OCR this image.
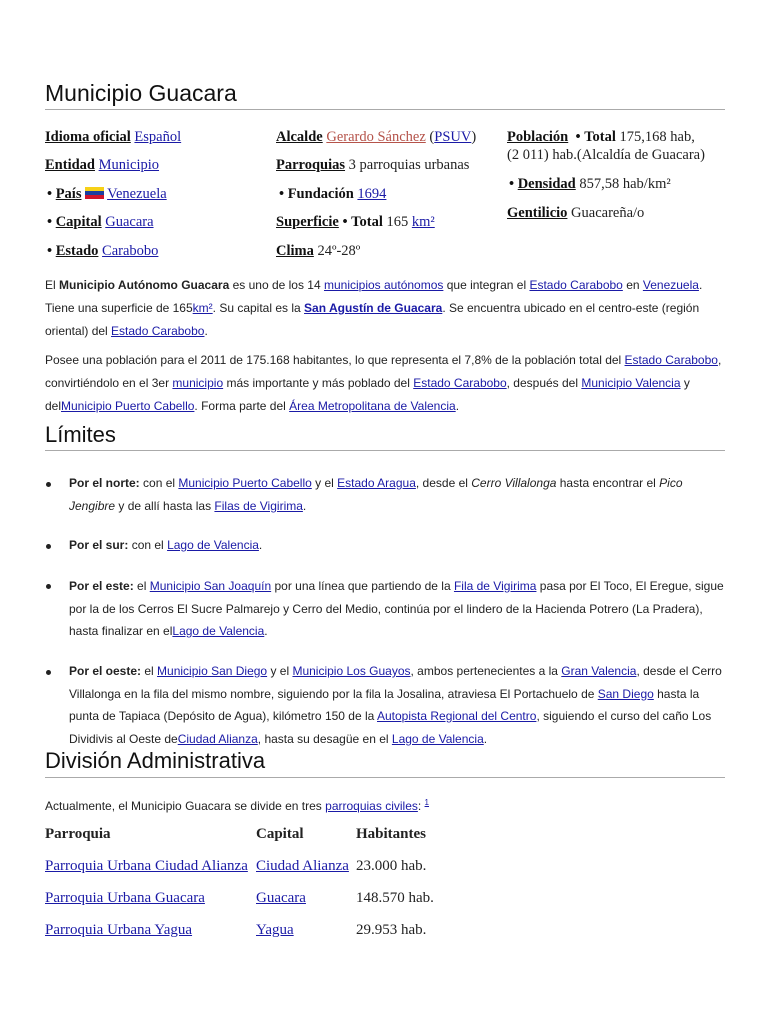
Municipio Guacara
Idioma oficial Español
Entidad Municipio
• País Venezuela
• Capital Guacara
• Estado Carabobo
Alcalde Gerardo Sánchez (PSUV)
Parroquias 3 parroquias urbanas
• Fundación 1694
Superficie • Total 165 km²
Clima 24º-28º
Población • Total 175,168 hab,
(2 011) hab.(Alcaldía de Guacara)
• Densidad 857,58 hab/km²
Gentilicio Guacareña/o
El Municipio Autónomo Guacara es uno de los 14 municipios autónomos que integran el Estado Carabobo en Venezuela. Tiene una superficie de 165km². Su capital es la San Agustín de Guacara. Se encuentra ubicado en el centro-este (región oriental) del Estado Carabobo.
Posee una población para el 2011 de 175.168 habitantes, lo que representa el 7,8% de la población total del Estado Carabobo, convirtiéndolo en el 3er municipio más importante y más poblado del Estado Carabobo, después del Municipio Valencia y delMunicipio Puerto Cabello. Forma parte del Área Metropolitana de Valencia.
Límites
Por el norte: con el Municipio Puerto Cabello y el Estado Aragua, desde el Cerro Villalonga hasta encontrar el Pico Jengibre y de allí hasta las Filas de Vigirima.
Por el sur: con el Lago de Valencia.
Por el este: el Municipio San Joaquín por una línea que partiendo de la Fila de Vigirima pasa por El Toco, El Eregue, sigue por la de los Cerros El Sucre Palmarejo y Cerro del Medio, continúa por el lindero de la Hacienda Potrero (La Pradera), hasta finalizar en elLago de Valencia.
Por el oeste: el Municipio San Diego y el Municipio Los Guayos, ambos pertenecientes a la Gran Valencia, desde el Cerro Villalonga en la fila del mismo nombre, siguiendo por la fila la Josalina, atraviesa El Portachuelo de San Diego hasta la punta de Tapiaca (Depósito de Agua), kilómetro 150 de la Autopista Regional del Centro, siguiendo el curso del caño Los Dividivis al Oeste deCiudad Alianza, hasta su desagüe en el Lago de Valencia.
División Administrativa
Actualmente, el Municipio Guacara se divide en tres parroquias civiles: $^1$
Parroquia	Capital	Habitantes
Parroquia Urbana Ciudad Alianza	Ciudad Alianza	23.000 hab.
Parroquia Urbana Guacara	Guacara	148.570 hab.
Parroquia Urbana Yagua	Yagua	29.953 hab.
